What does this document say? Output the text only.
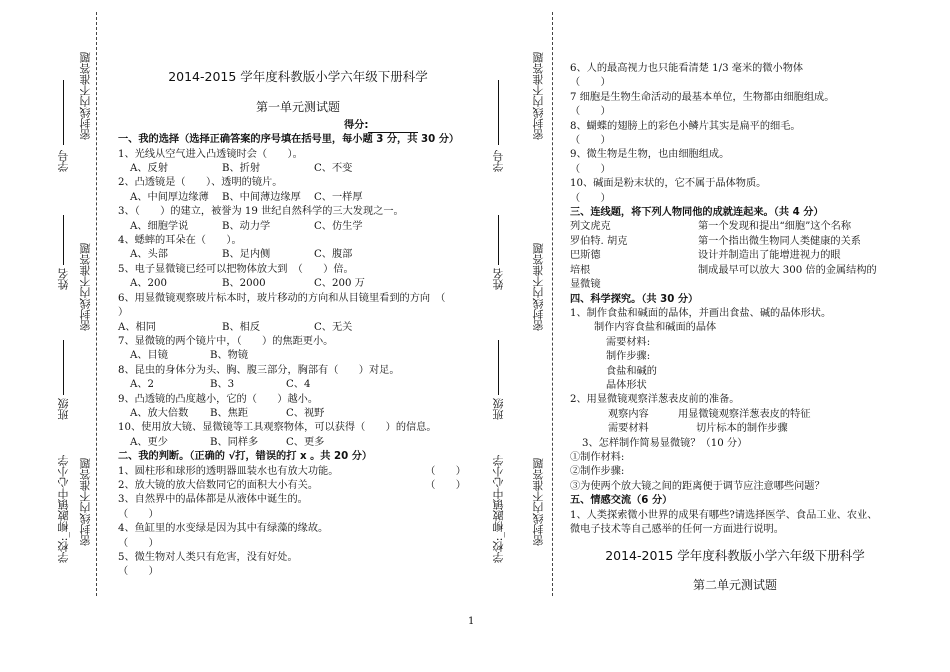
学号
姓名
班级
学校:_柳跛镇中心小学
密封线内不准答题
密封线内不准答题
密封线内不准答题
学号
姓名
班级
学校:_柳跛镇中心小学
密封线内不准答题
密封线内不准答题
密封线内不准答题
2014-2015 学年度科教版小学六年级下册科学
第一单元测试题
得分:
一、我的选择（选择正确答案的序号填在括号里，每小题 3 分，共 30 分）
1、光线从空气进入凸透镜时会（　　）。
A、反射	B、折射	C、不变
2、凸透镜是（　　）、透明的镜片。
A、中间厚边缘薄 B、中间薄边缘厚 C、一样厚
3、（　　）的建立，被誉为 19 世纪自然科学的三大发现之一。
A、细胞学说	B、动力学	C、仿生学
4、蟋蟀的耳朵在（　　）。
A、头部	B、足内侧	C、腹部
5、电子显微镜已经可以把物体放大到　（　　）倍。
A、200	B、2000	C、200 万
6、用显微镜观察玻片标本时，玻片移动的方向和从目镜里看到的方向　（
）
A、相同	B、相反	C、无关
7、显微镜的两个镜片中，（　　）的焦距更小。
A、目镜	B、物镜
8、昆虫的身体分为头、胸、腹三部分，胸部有（　　）对足。
A、2	B、3	C、4
9、凸透镜的凸度越小，它的（　　）越小。
A、放大倍数 B、焦距	C、视野
10、使用放大镜、显微镜等工具观察物体，可以获得（　　）的信息。
A、更少	B、同样多	C、更多
二、我的判断。（正确的 √打，错误的打 x 。共 20 分）
1、圆柱形和球形的透明器皿装水也有放大功能。	（　　）
2、放大镜的放大倍数同它的面积大小有关。	（　　）
3、自然界中的晶体都是从液体中诞生的。
（　　）
4、鱼缸里的水变绿是因为其中有绿藻的缘故。
（　　）
5、微生物对人类只有危害，没有好处。
（　　）
6、人的最高视力也只能看清楚 1/3 毫米的微小物体
（　　）
7 细胞是生物生命活动的最基本单位，生物都由细胞组成。
（　　）
8、蝴蝶的翅膀上的彩色小鳞片其实是扁平的细毛。
（　　）
9、微生物是生物，也由细胞组成。
（　　）
10、碱面是粉末状的，它不属于晶体物质。
（　　）
三、连线题，将下列人物同他的成就连起来。（共 4 分）
列文虎克	第一个发现和提出“细胞”这个名称
罗伯特. 胡克	第一个指出微生物同人类健康的关系
巴斯德	设计并制造出了能增进视力的眼
培根	制成最早可以放大 300 倍的金属结构的
显微镜
四、科学探究。（共 30 分）
1、制作食盐和碱面的晶体，并画出食盐、碱的晶体形状。
制作内容食盐和碱面的晶体
需要材料:
制作步骤:
食盐和碱的
晶体形状
2、用显微镜观察洋葱表皮前的准备。
观察内容	用显微镜观察洋葱表皮的特征
需要材料	切片标本的制作步骤
3、怎样制作简易显微镜？（10 分）
①制作材料:
②制作步骤:
③为使两个放大镜之间的距离便于调节应注意哪些问题？
五、情感交流（6 分）
1、人类探索微小世界的成果有哪些?请选择医学、食品工业、农业、
微电子技术等自己感举的任何一方面进行说明。
2014-2015 学年度科教版小学六年级下册科学
第二单元测试题
1
